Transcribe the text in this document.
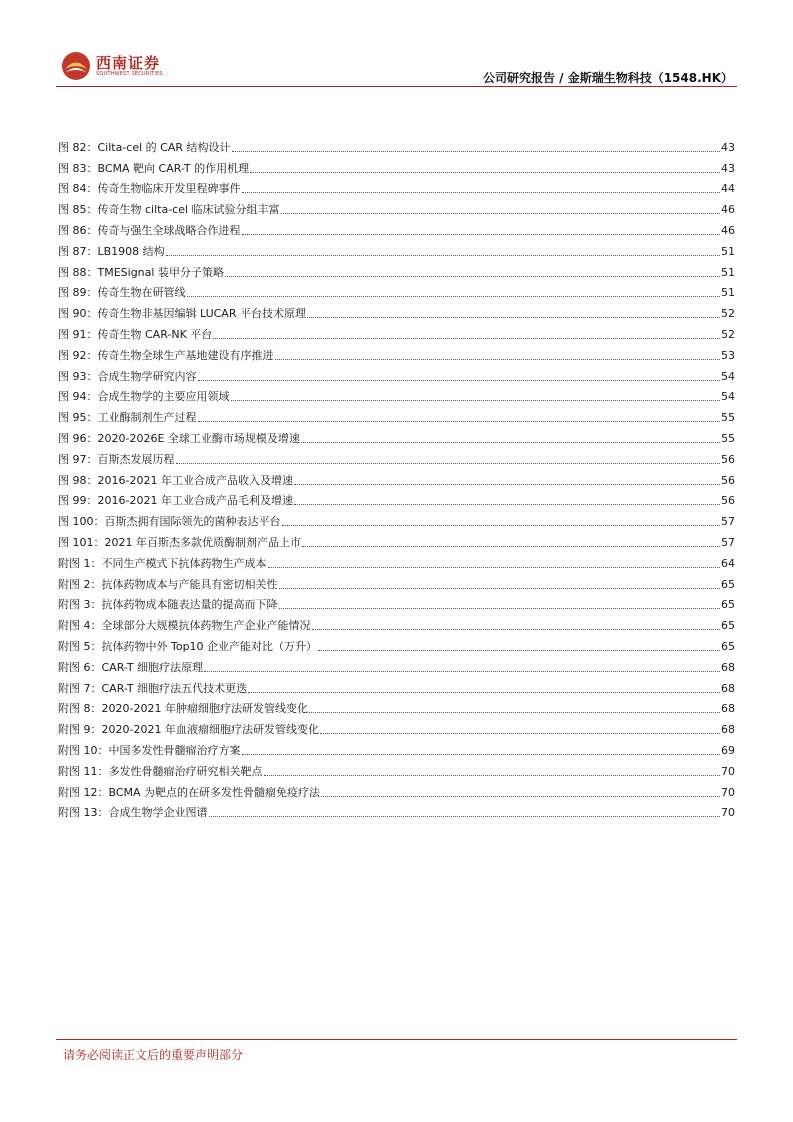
西南证券
SOUTHWEST SECURITIES	公司研究报告 / 金斯瑞生物科技（1548.HK）
图 82：Cilta-cel 的 CAR 结构设计	43
图 83：BCMA 靶向 CAR-T 的作用机理	43
图 84：传奇生物临床开发里程碑事件	44
图 85：传奇生物 cilta-cel 临床试验分组丰富	46
图 86：传奇与强生全球战略合作进程	46
图 87：LB1908 结构	51
图 88：TMESignal 装甲分子策略	51
图 89：传奇生物在研管线	51
图 90：传奇生物非基因编辑 LUCAR 平台技术原理	52
图 91：传奇生物 CAR-NK 平台	52
图 92：传奇生物全球生产基地建设有序推进	53
图 93：合成生物学研究内容	54
图 94：合成生物学的主要应用领域	54
图 95：工业酶制剂生产过程	55
图 96：2020-2026E 全球工业酶市场规模及增速	55
图 97：百斯杰发展历程	56
图 98：2016-2021 年工业合成产品收入及增速	56
图 99：2016-2021 年工业合成产品毛利及增速	56
图 100：百斯杰拥有国际领先的菌种表达平台	57
图 101：2021 年百斯杰多款优质酶制剂产品上市	57
附图 1：不同生产模式下抗体药物生产成本	64
附图 2：抗体药物成本与产能具有密切相关性	65
附图 3：抗体药物成本随表达量的提高而下降	65
附图 4：全球部分大规模抗体药物生产企业产能情况	65
附图 5：抗体药物中外 Top10 企业产能对比（万升）	65
附图 6：CAR-T 细胞疗法原理	68
附图 7：CAR-T 细胞疗法五代技术更迭	68
附图 8：2020-2021 年肿瘤细胞疗法研发管线变化	68
附图 9：2020-2021 年血液瘤细胞疗法研发管线变化	68
附图 10：中国多发性骨髓瘤治疗方案	69
附图 11：多发性骨髓瘤治疗研究相关靶点	70
附图 12：BCMA 为靶点的在研多发性骨髓瘤免疫疗法	70
附图 13：合成生物学企业图谱	70
请务必阅读正文后的重要声明部分
